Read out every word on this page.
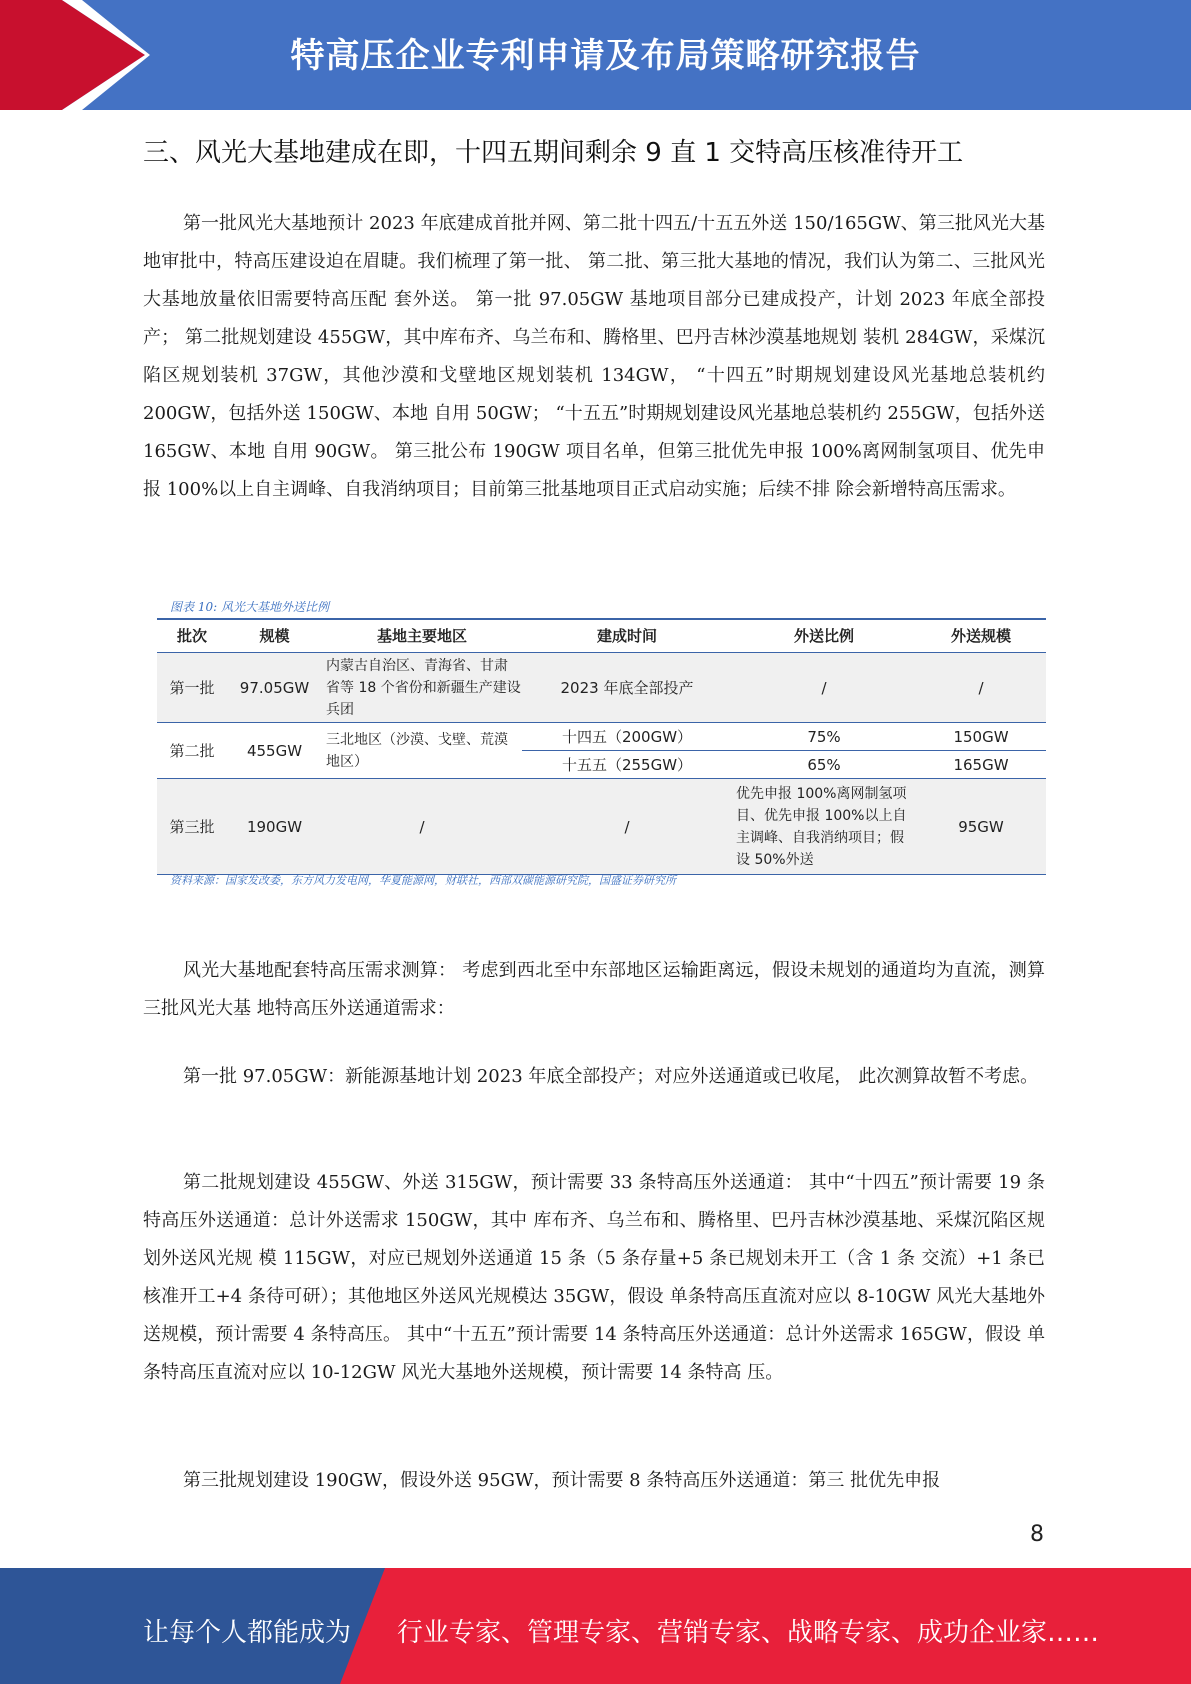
特高压企业专利申请及布局策略研究报告
三、风光大基地建成在即，十四五期间剩余 9 直 1 交特高压核准待开工
第一批风光大基地预计 2023 年底建成首批并网、第二批十四五/十五五外送 150/165GW、第三批风光大基地审批中，特高压建设迫在眉睫。我们梳理了第一批、 第二批、第三批大基地的情况，我们认为第二、三批风光大基地放量依旧需要特高压配 套外送。 第一批 97.05GW 基地项目部分已建成投产，计划 2023 年底全部投产； 第二批规划建设 455GW，其中库布齐、乌兰布和、腾格里、巴丹吉林沙漠基地规划 装机 284GW，采煤沉陷区规划装机 37GW，其他沙漠和戈壁地区规划装机 134GW， “十四五”时期规划建设风光基地总装机约 200GW，包括外送 150GW、本地 自用 50GW； “十五五”时期规划建设风光基地总装机约 255GW，包括外送 165GW、本地 自用 90GW。 第三批公布 190GW 项目名单，但第三批优先申报 100%离网制氢项目、优先申报 100%以上自主调峰、自我消纳项目；目前第三批基地项目正式启动实施；后续不排 除会新增特高压需求。
图表 10: 风光大基地外送比例
批次	规模	基地主要地区	建成时间	外送比例	外送规模
第一批	97.05GW	内蒙古自治区、青海省、甘肃省等 18 个省份和新疆生产建设兵团	2023 年底全部投产	/	/
第二批	455GW	三北地区（沙漠、戈壁、荒漠地区）	十四五（200GW）	75%	150GW
			十五五（255GW）	65%	165GW
第三批	190GW	/	/	优先申报 100%离网制氢项目、优先申报 100%以上自主调峰、自我消纳项目；假设 50%外送	95GW
资料来源：国家发改委，东方风力发电网，华夏能源网，财联社，西部双碳能源研究院，国盛证券研究所
风光大基地配套特高压需求测算： 考虑到西北至中东部地区运输距离远，假设未规划的通道均为直流，测算三批风光大基 地特高压外送通道需求：
第一批 97.05GW：新能源基地计划 2023 年底全部投产；对应外送通道或已收尾， 此次测算故暂不考虑。
第二批规划建设 455GW、外送 315GW，预计需要 33 条特高压外送通道： 其中“十四五”预计需要 19 条特高压外送通道：总计外送需求 150GW，其中 库布齐、乌兰布和、腾格里、巴丹吉林沙漠基地、采煤沉陷区规划外送风光规 模 115GW，对应已规划外送通道 15 条（5 条存量+5 条已规划未开工（含 1 条 交流）+1 条已核准开工+4 条待可研）；其他地区外送风光规模达 35GW，假设 单条特高压直流对应以 8-10GW 风光大基地外送规模，预计需要 4 条特高压。 其中“十五五”预计需要 14 条特高压外送通道：总计外送需求 165GW，假设 单条特高压直流对应以 10-12GW 风光大基地外送规模，预计需要 14 条特高 压。
第三批规划建设 190GW，假设外送 95GW，预计需要 8 条特高压外送通道：第三 批优先申报
8
让每个人都能成为 行业专家、管理专家、营销专家、战略专家、成功企业家……
